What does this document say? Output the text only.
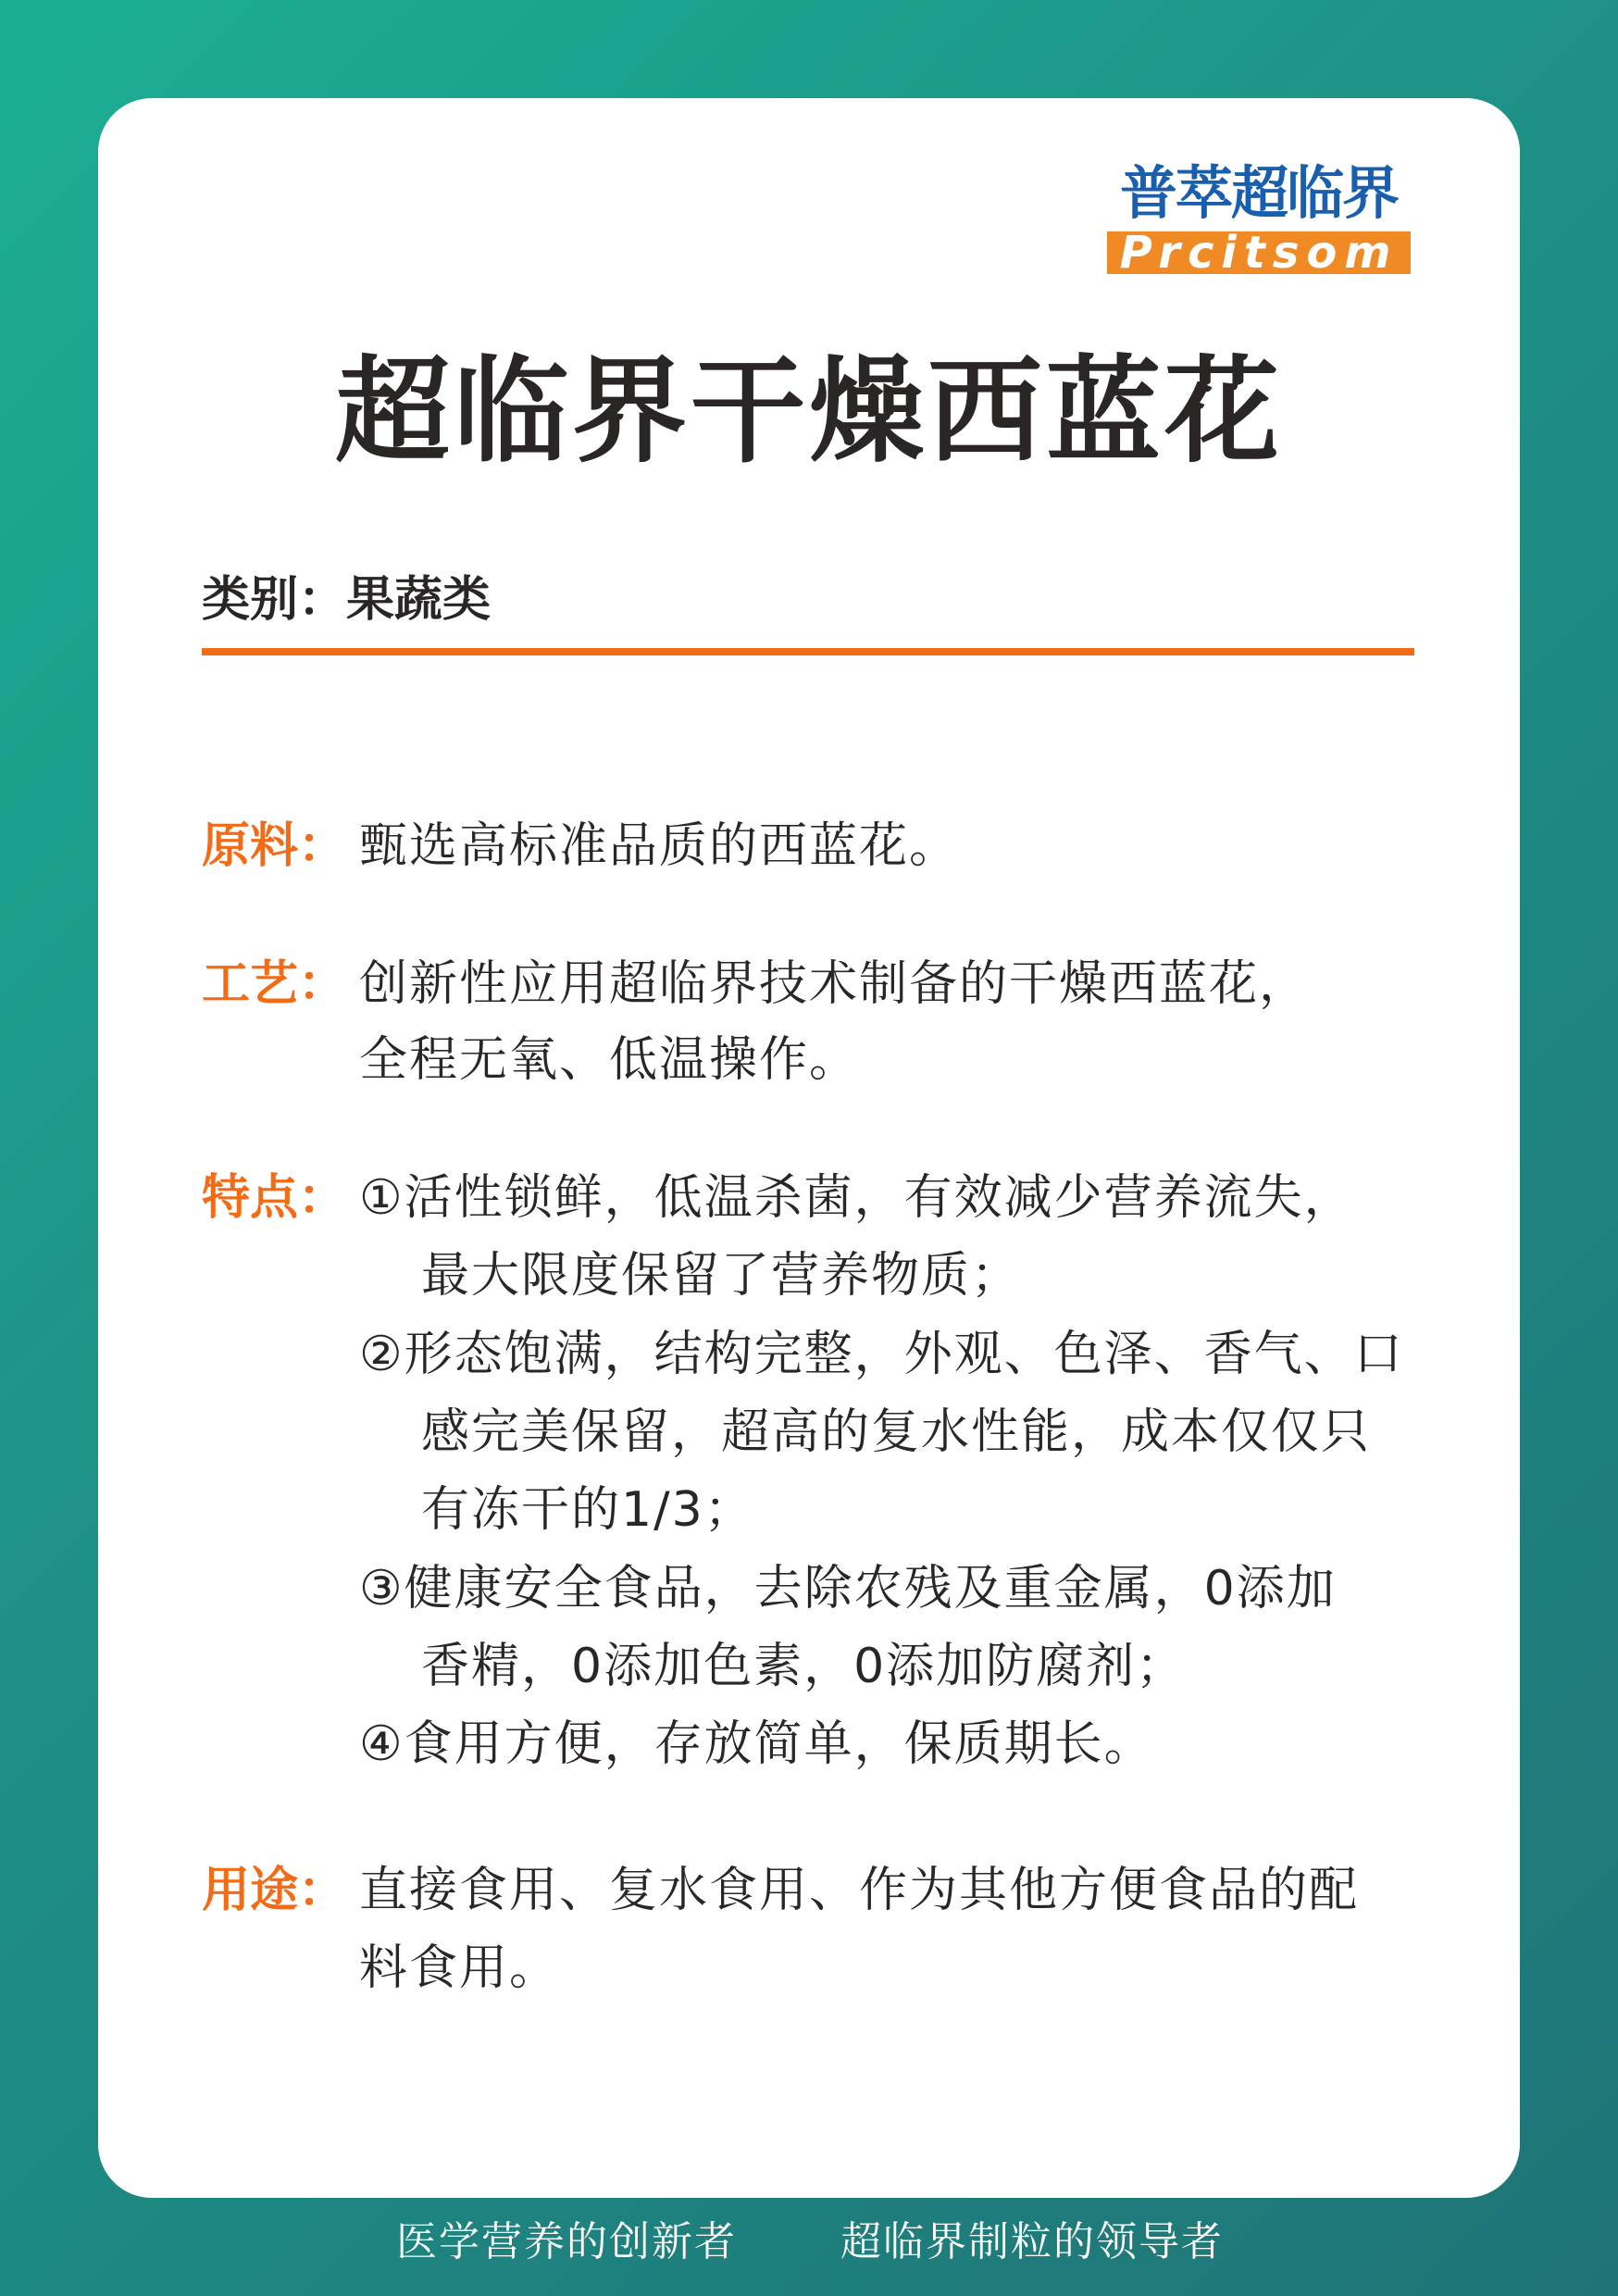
普萃超临界
Prcitsom
超临界干燥西蓝花
类别：果蔬类
原料： 甄选高标准品质的西蓝花。
工艺： 创新性应用超临界技术制备的干燥西蓝花，
全程无氧、低温操作。
特点： ①活性锁鲜，低温杀菌，有效减少营养流失，
最大限度保留了营养物质；
②形态饱满，结构完整，外观、色泽、香气、口
感完美保留，超高的复水性能，成本仅仅只
有冻干的1/3；
③健康安全食品，去除农残及重金属，0添加
香精，0添加色素，0添加防腐剂；
④食用方便，存放简单，保质期长。
用途： 直接食用、复水食用、作为其他方便食品的配
料食用。
医学营养的创新者	超临界制粒的领导者
